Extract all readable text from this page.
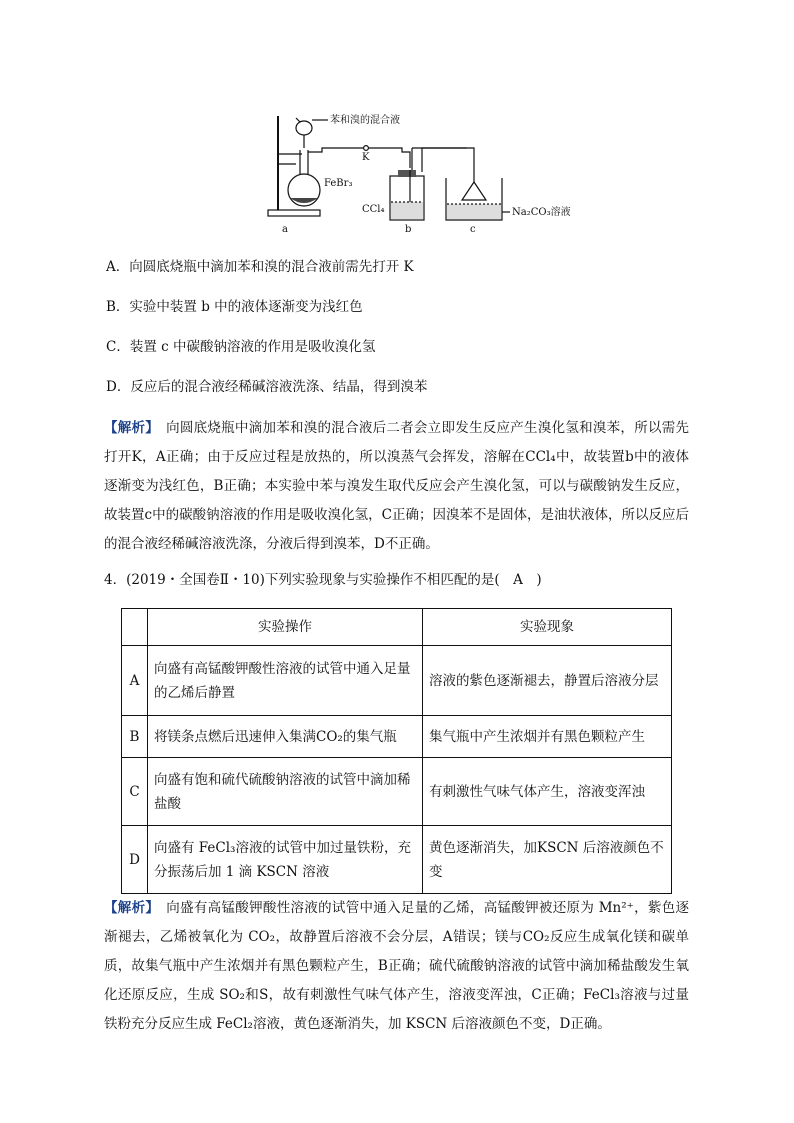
苯和溴的混合液
K
FeBr₃
CCl₄	Na₂CO₃溶液
a	b	c
A．向圆底烧瓶中滴加苯和溴的混合液前需先打开 K
B．实验中装置 b 中的液体逐渐变为浅红色
C．装置 c 中碳酸钠溶液的作用是吸收溴化氢
D．反应后的混合液经稀碱溶液洗涤、结晶，得到溴苯
【解析】　向圆底烧瓶中滴加苯和溴的混合液后二者会立即发生反应产生溴化氢和溴苯，所以需先打开K，A正确；由于反应过程是放热的，所以溴蒸气会挥发，溶解在CCl₄中，故装置b中的液体逐渐变为浅红色，B正确；本实验中苯与溴发生取代反应会产生溴化氢，可以与碳酸钠发生反应，故装置c中的碳酸钠溶液的作用是吸收溴化氢，C正确；因溴苯不是固体，是油状液体，所以反应后的混合液经稀碱溶液洗涤，分液后得到溴苯，D不正确。
4．(2019・全国卷Ⅱ・10)下列实验现象与实验操作不相匹配的是(　A　)
	实验操作	实验现象
A	向盛有高锰酸钾酸性溶液的试管中通入足量的乙烯后静置	溶液的紫色逐渐褪去，静置后溶液分层
B	将镁条点燃后迅速伸入集满CO₂的集气瓶	集气瓶中产生浓烟并有黑色颗粒产生
C	向盛有饱和硫代硫酸钠溶液的试管中滴加稀盐酸	有刺激性气味气体产生，溶液变浑浊
D	向盛有 FeCl₃溶液的试管中加过量铁粉，充分振荡后加 1 滴 KSCN 溶液	黄色逐渐消失，加KSCN 后溶液颜色不变
【解析】　向盛有高锰酸钾酸性溶液的试管中通入足量的乙烯，高锰酸钾被还原为 Mn²⁺，紫色逐渐褪去，乙烯被氧化为 CO₂，故静置后溶液不会分层，A错误；镁与CO₂反应生成氧化镁和碳单质，故集气瓶中产生浓烟并有黑色颗粒产生，B正确；硫代硫酸钠溶液的试管中滴加稀盐酸发生氧化还原反应，生成 SO₂和S，故有刺激性气味气体产生，溶液变浑浊，C正确；FeCl₃溶液与过量铁粉充分反应生成 FeCl₂溶液，黄色逐渐消失，加 KSCN 后溶液颜色不变，D正确。
